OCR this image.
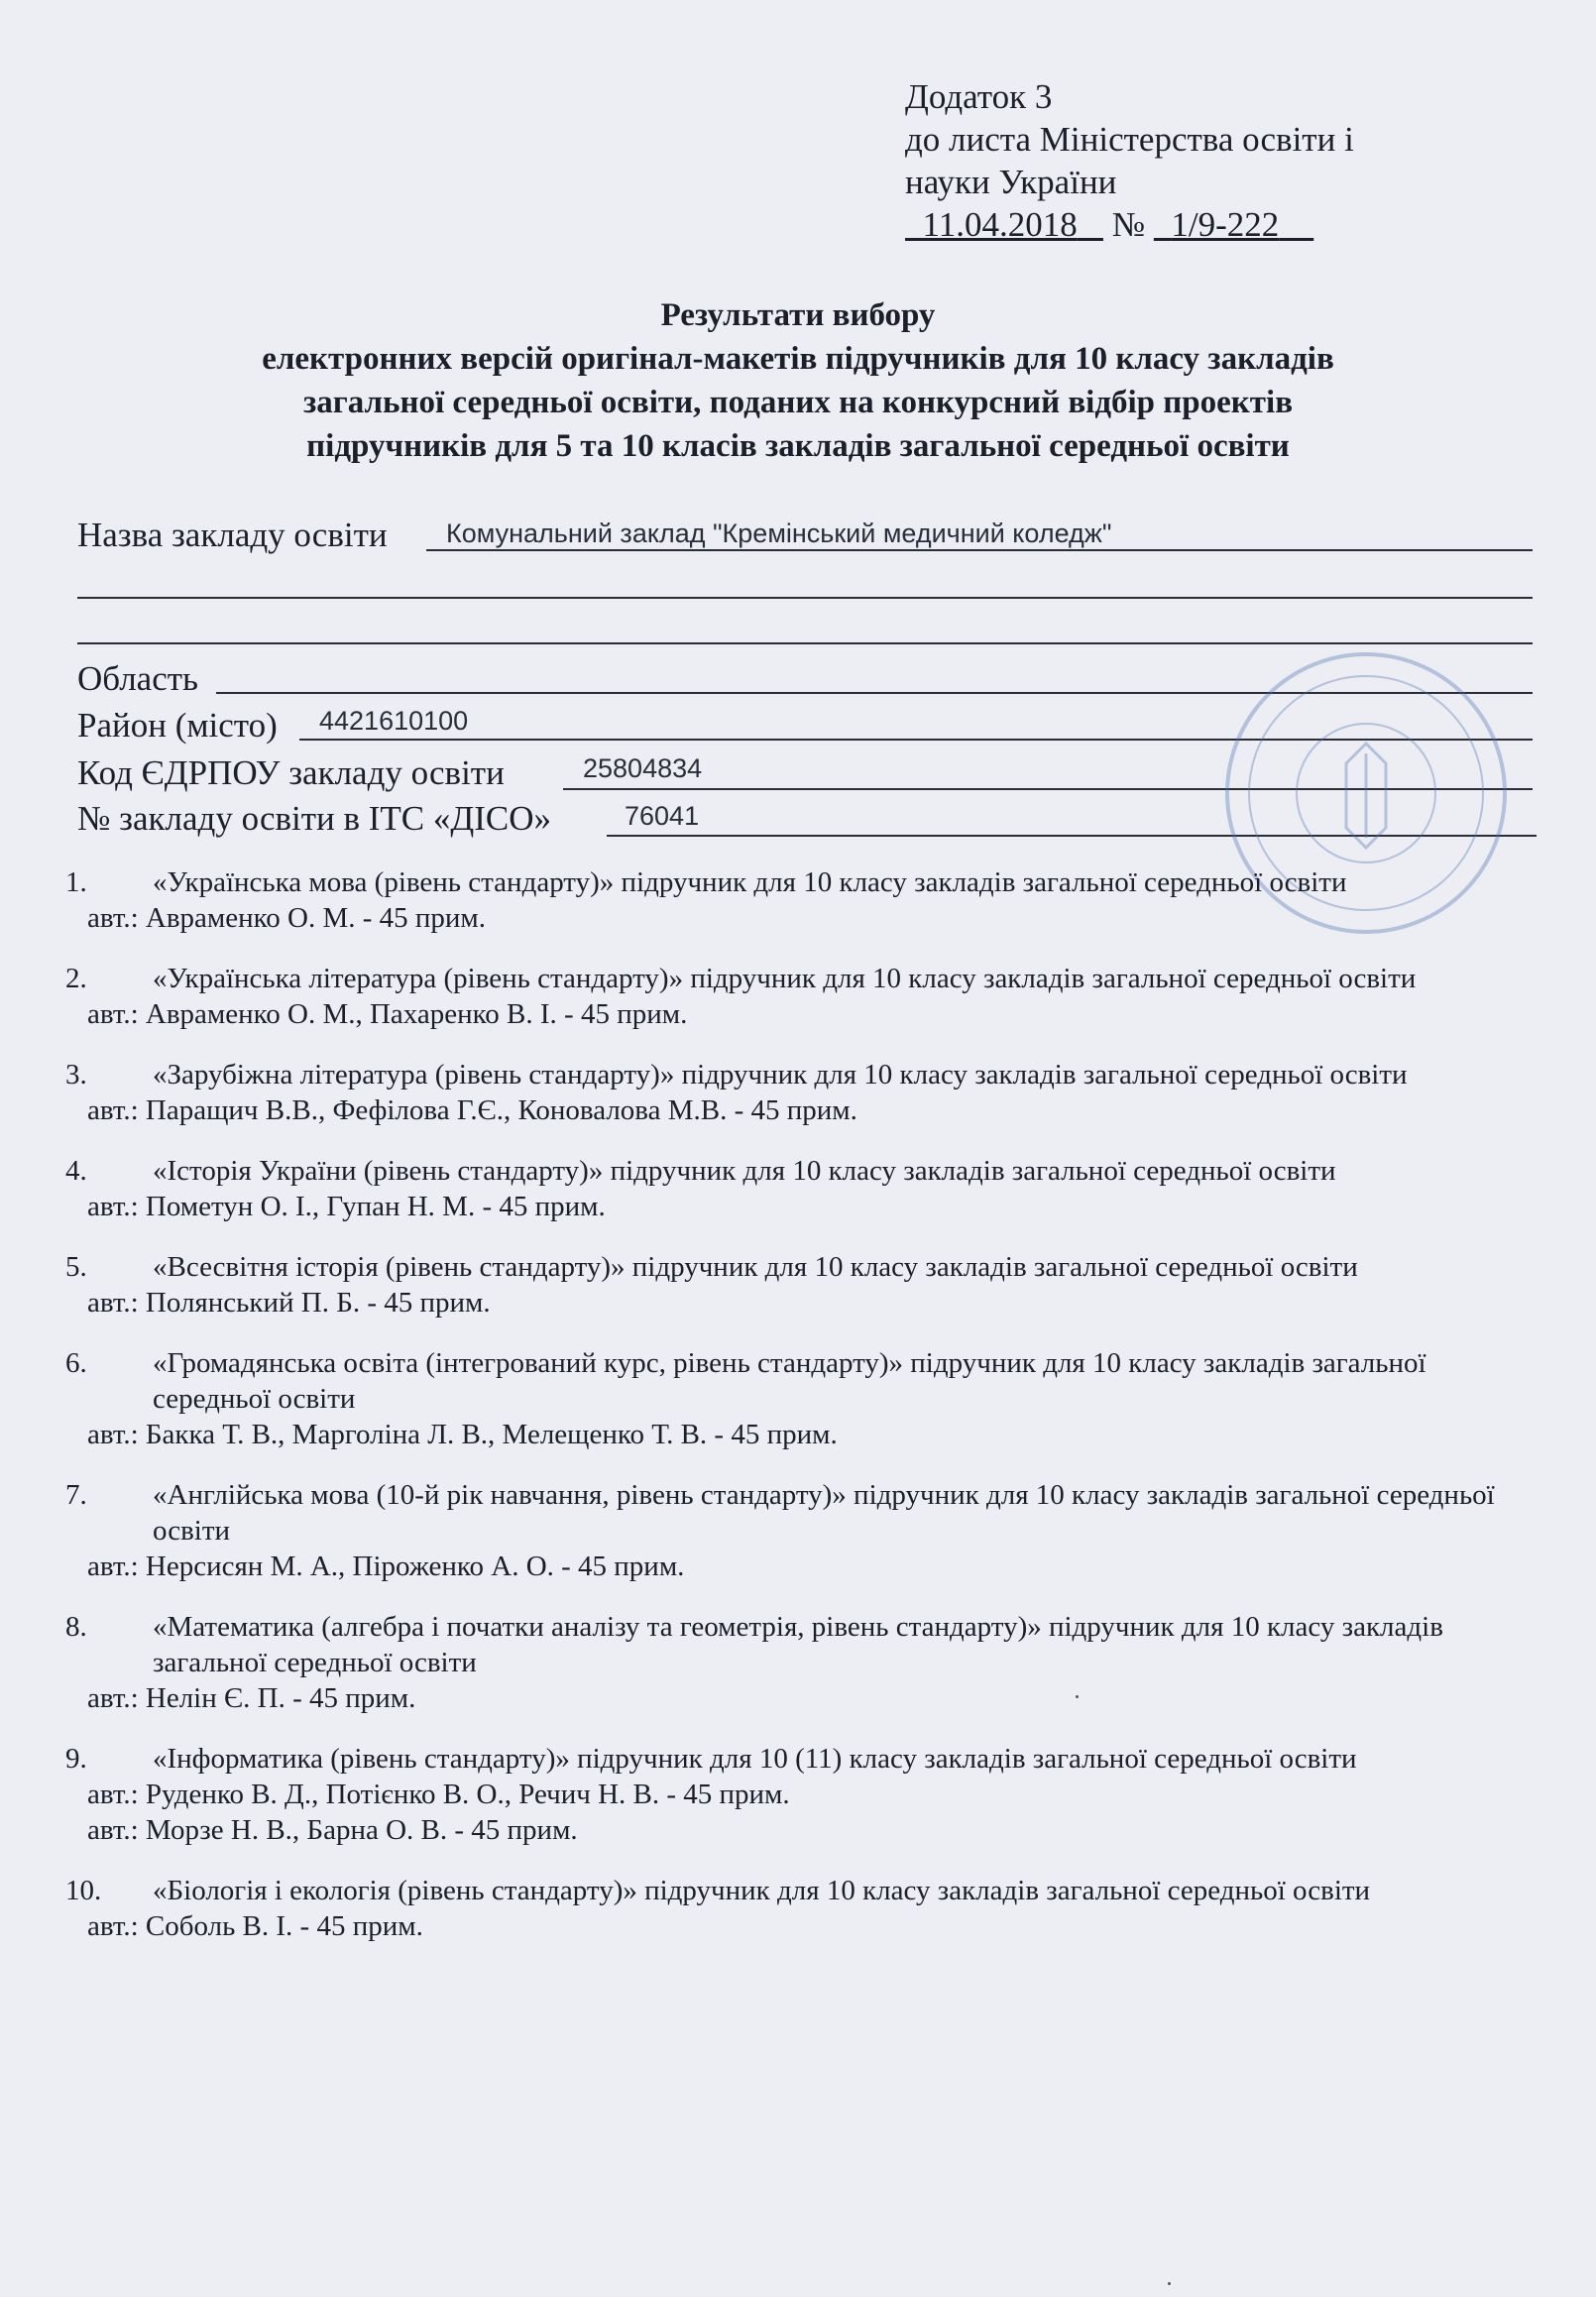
Додаток 3
до листа Міністерства освіти і
науки України
11.04.2018 № 1/9-222
Результати вибору
електронних версій оригінал-макетів підручників для 10 класу закладів
загальної середньої освіти, поданих на конкурсний відбір проектів
підручників для 5 та 10 класів закладів загальної середньої освіти
Назва закладу освіти Комунальний заклад "Кремінський медичний коледж"
Область
Район (місто) 4421610100
Код ЄДРПОУ закладу освіти	25804834
№ закладу освіти в ІТС «ДІСО»	76041
1.	«Українська мова (рівень стандарту)» підручник для 10 класу закладів загальної середньої освіти
авт.: Авраменко О. М. - 45 прим.
2.	«Українська література (рівень стандарту)» підручник для 10 класу закладів загальної середньої освіти
авт.: Авраменко О. М., Пахаренко В. І. - 45 прим.
3.	«Зарубіжна література (рівень стандарту)» підручник для 10 класу закладів загальної середньої освіти
авт.: Паращич В.В., Фефілова Г.Є., Коновалова М.В. - 45 прим.
4.	«Історія України (рівень стандарту)» підручник для 10 класу закладів загальної середньої освіти
авт.: Пометун О. І., Гупан Н. М. - 45 прим.
5.	«Всесвітня історія (рівень стандарту)» підручник для 10 класу закладів загальної середньої освіти
авт.: Полянський П. Б. - 45 прим.
6.	«Громадянська освіта (інтегрований курс, рівень стандарту)» підручник для 10 класу закладів загальної середньої освіти
авт.: Бакка Т. В., Марголіна Л. В., Мелещенко Т. В. - 45 прим.
7.	«Англійська мова (10-й рік навчання, рівень стандарту)» підручник для 10 класу закладів загальної середньої освіти
авт.: Нерсисян М. А., Піроженко А. О. - 45 прим.
8.	«Математика (алгебра і початки аналізу та геометрія, рівень стандарту)» підручник для 10 класу закладів загальної середньої освіти
авт.: Нелін Є. П. - 45 прим.
9.	«Інформатика (рівень стандарту)» підручник для 10 (11) класу закладів загальної середньої освіти
авт.: Руденко В. Д., Потієнко В. О., Речич Н. В. - 45 прим.
авт.: Морзе Н. В., Барна О. В. - 45 прим.
10. «Біологія і екологія (рівень стандарту)» підручник для 10 класу закладів загальної середньої освіти
авт.: Соболь В. І. - 45 прим.
